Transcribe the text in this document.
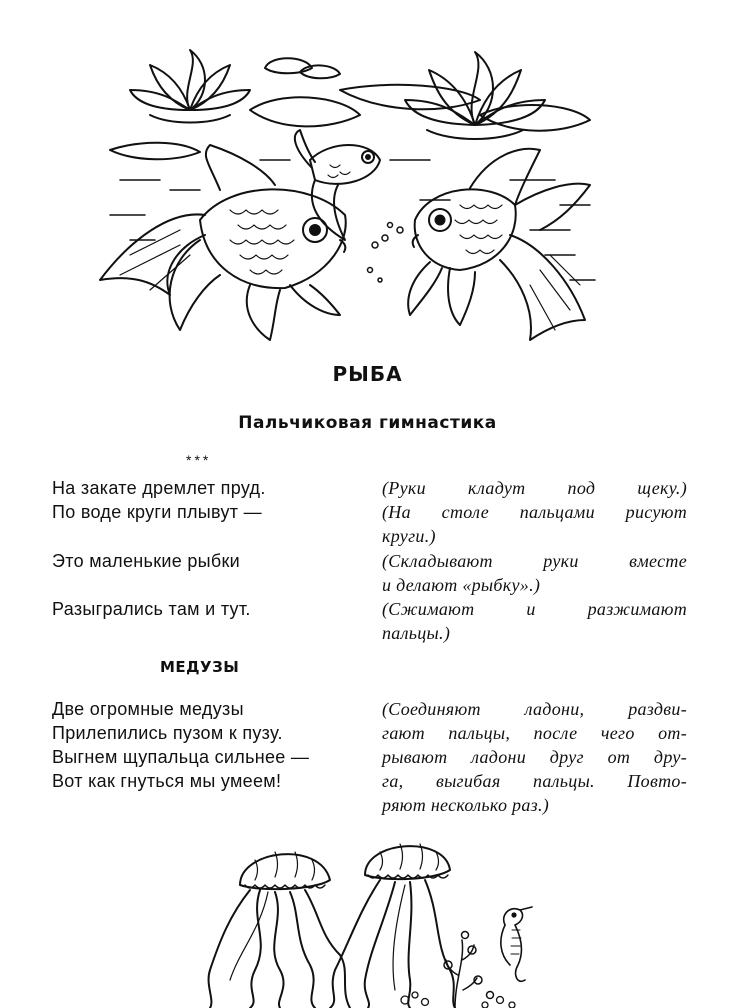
РЫБА
Пальчиковая гимнастика
***
На закате дремлет пруд.	(Руки кладут под щеку.)
По воде круги плывут —	(На столе пальцами рисуют
круги.)
Это маленькие рыбки	(Складывают руки вместе
и делают «рыбку».)
Разыгрались там и тут.	(Сжимают и разжимают
пальцы.)
МЕДУЗЫ
Две огромные медузы
Прилепились пузом к пузу.
Выгнем щупальца сильнее —
Вот как гнуться мы умеем!
(Соединяют ладони, раздви-
гают пальцы, после чего от-
рывают ладони друг от дру-
га, выгибая пальцы. Повто-
ряют несколько раз.)
